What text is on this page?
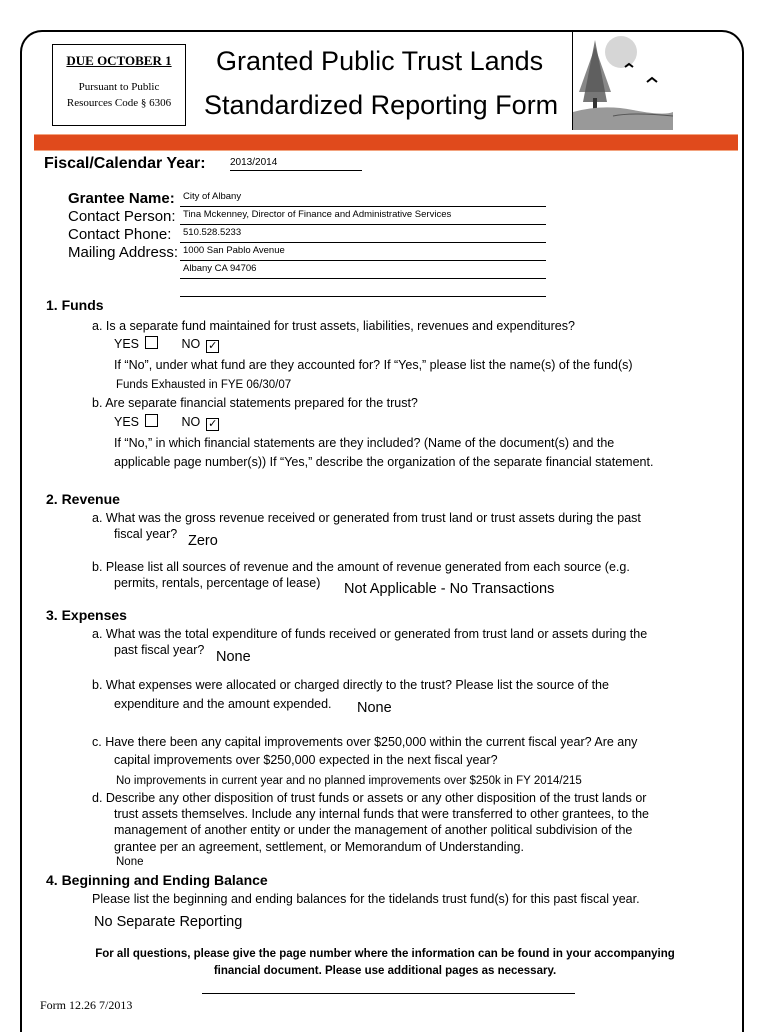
DUE OCTOBER 1
Pursuant to Public
Resources Code § 6306
Granted Public Trust Lands
Standardized Reporting Form
Fiscal/Calendar Year: 2013/2014
Grantee Name: City of Albany
Contact Person: Tina Mckenney, Director of Finance and Administrative Services
Contact Phone:	510.528.5233
Mailing Address: 1000 San Pablo Avenue
Albany CA 94706
1. Funds
a. Is a separate fund maintained for trust assets, liabilities, revenues and expenditures?
YES	NO ✓
If “No”, under what fund are they accounted for? If “Yes,” please list the name(s) of the fund(s)
Funds Exhausted in FYE 06/30/07
b. Are separate financial statements prepared for the trust?
YES	NO ✓
If “No,” in which financial statements are they included? (Name of the document(s) and the
applicable page number(s)) If “Yes,” describe the organization of the separate financial statement.
2. Revenue
a. What was the gross revenue received or generated from trust land or trust assets during the past
fiscal year? Zero
b. Please list all sources of revenue and the amount of revenue generated from each source (e.g.
permits, rentals, percentage of lease) Not Applicable - No Transactions
3. Expenses
a. What was the total expenditure of funds received or generated from trust land or assets during the
past fiscal year? None
b. What expenses were allocated or charged directly to the trust? Please list the source of the
expenditure and the amount expended. None
c. Have there been any capital improvements over $250,000 within the current fiscal year? Are any
capital improvements over $250,000 expected in the next fiscal year?
No improvements in current year and no planned improvements over $250k in FY 2014/215
d. Describe any other disposition of trust funds or assets or any other disposition of the trust lands or
trust assets themselves. Include any internal funds that were transferred to other grantees, to the
management of another entity or under the management of another political subdivision of the
grantee per an agreement, settlement, or Memorandum of Understanding.
None
4. Beginning and Ending Balance
Please list the beginning and ending balances for the tidelands trust fund(s) for this past fiscal year.
No Separate Reporting
For all questions, please give the page number where the information can be found in your accompanying
financial document. Please use additional pages as necessary.
Form 12.26 7/2013
